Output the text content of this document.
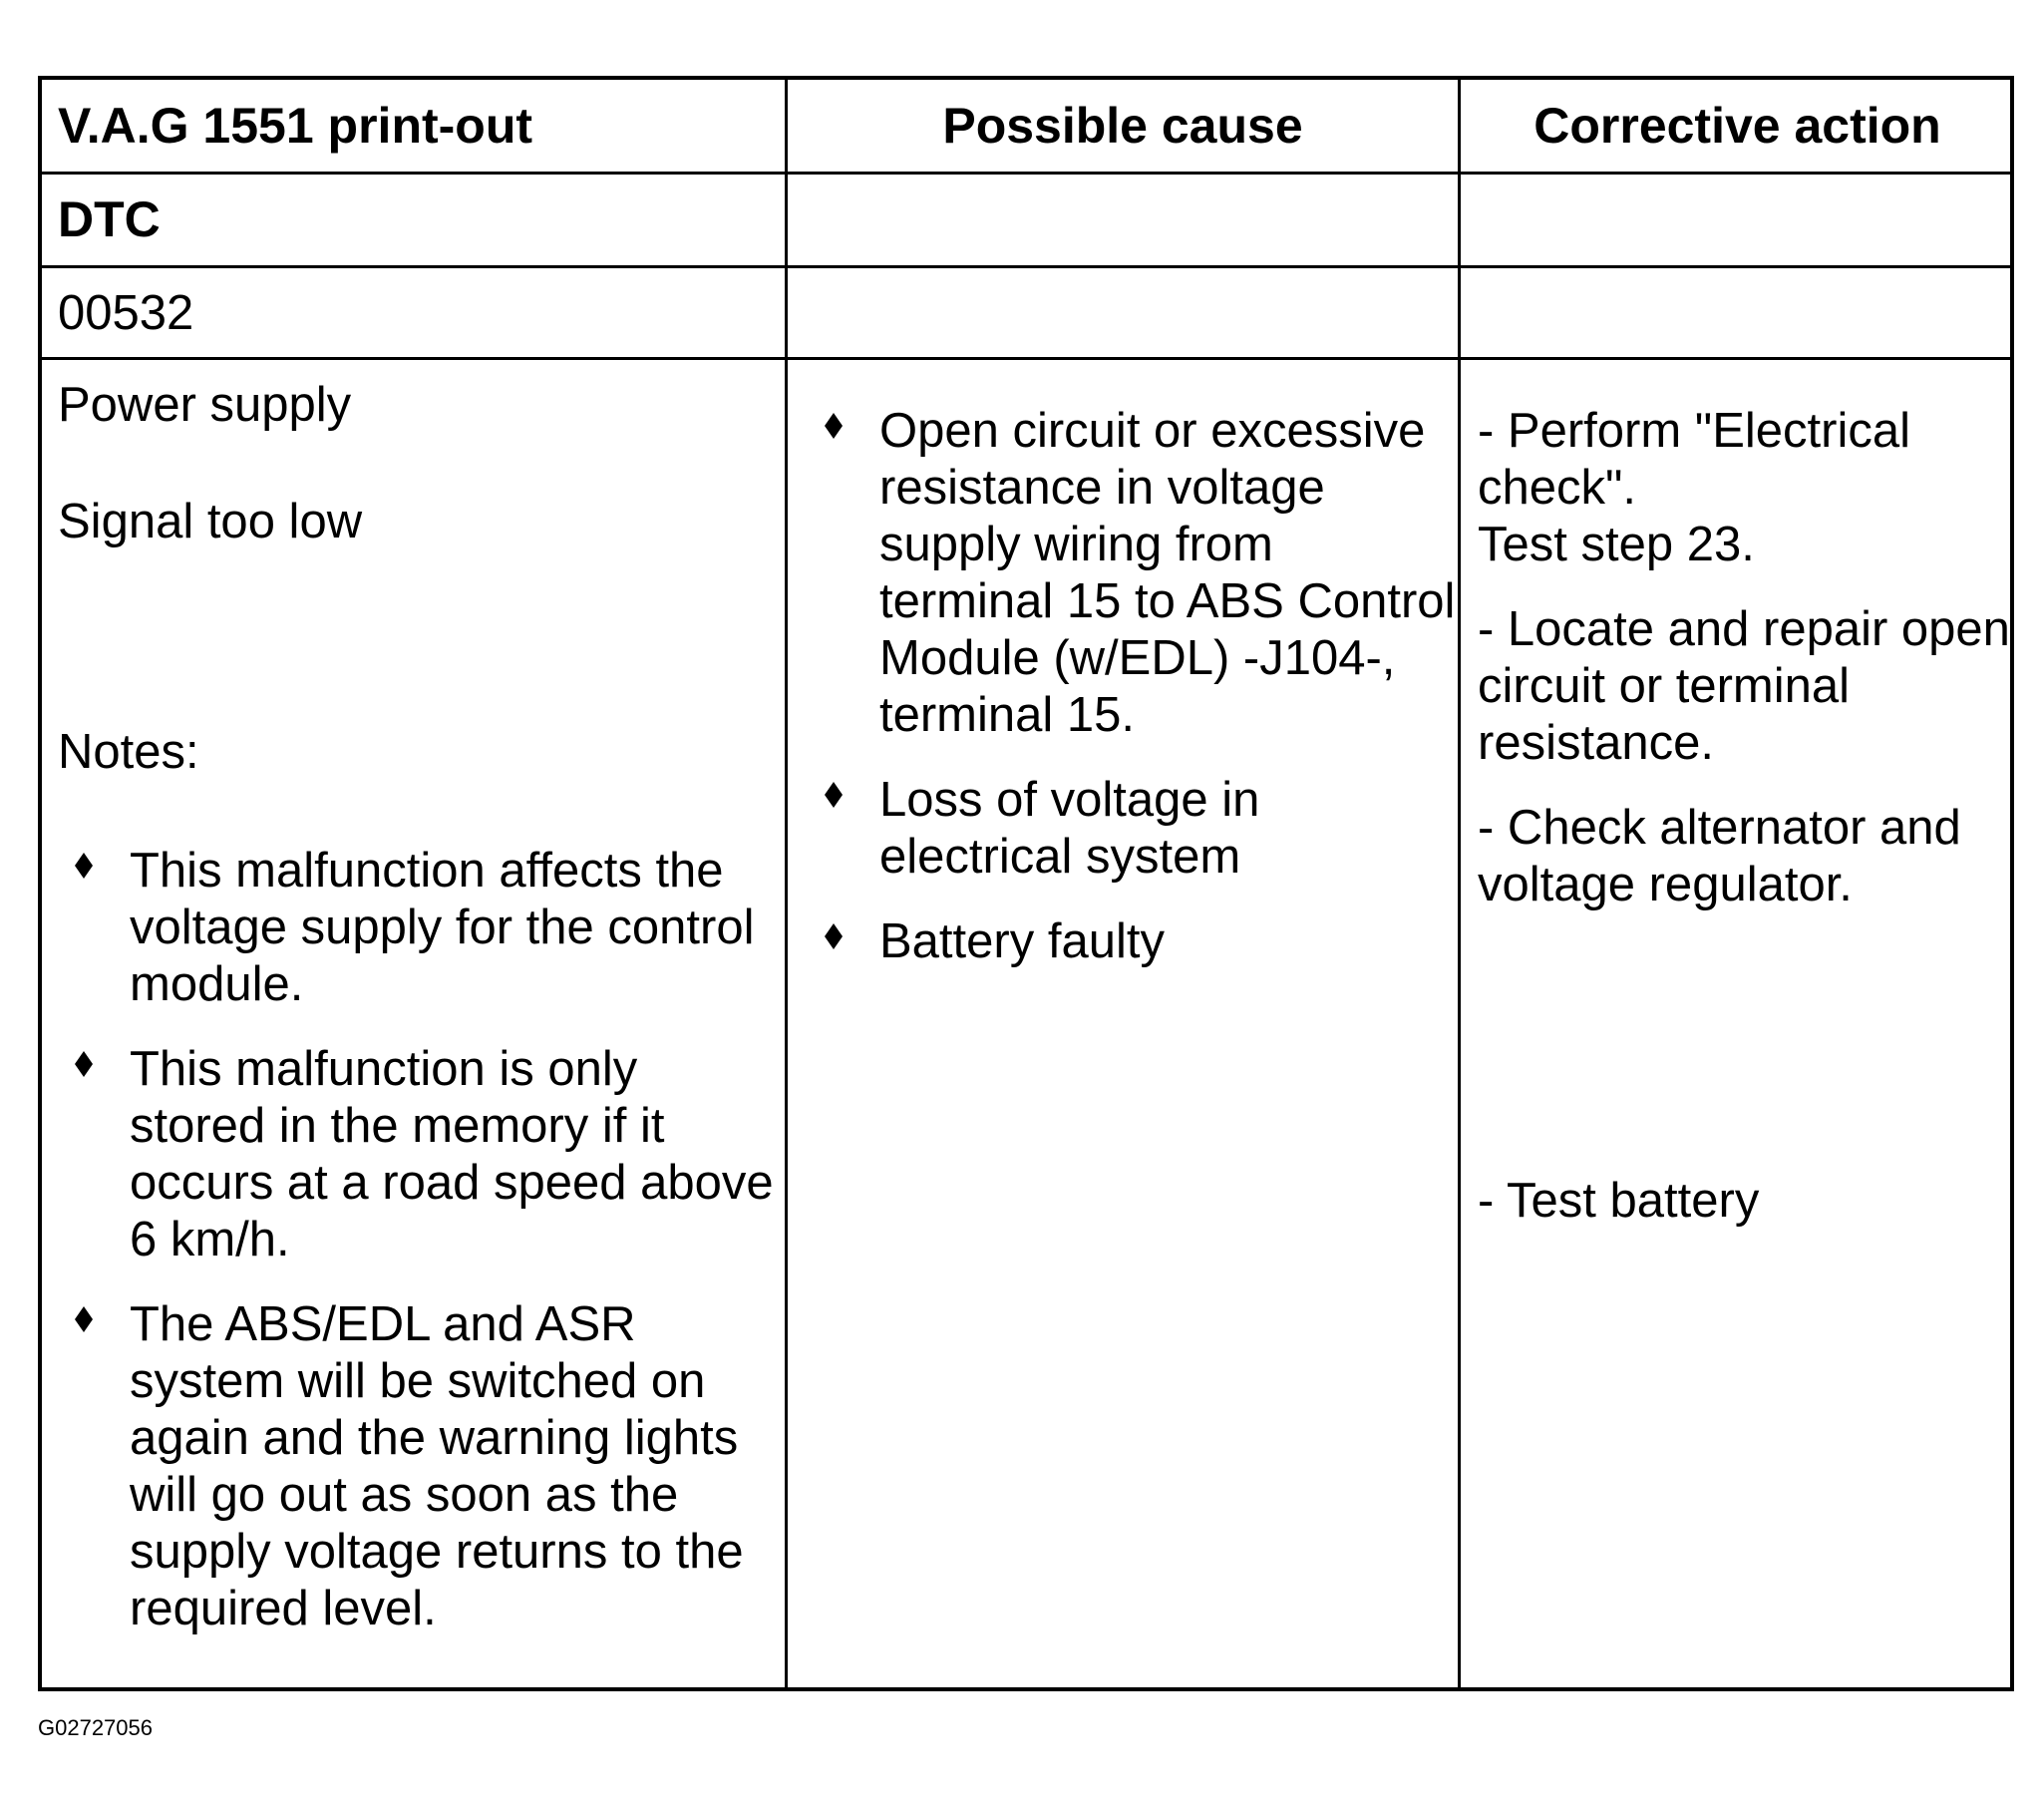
V.A.G 1551 print-out	Possible cause	Corrective action
DTC
00532

Power supply

Signal too low

Notes:

This malfunction affects the voltage supply for the control module.
This malfunction is only stored in the memory if it occurs at a road speed above 6 km/h.
The ABS/EDL and ASR system will be switched on again and the warning lights will go out as soon as the supply voltage returns to the required level.
Open circuit or excessive resistance in voltage supply wiring from terminal 15 to ABS Control Module (w/EDL) -J104-, terminal 15.
Loss of voltage in electrical system
Battery faulty

- Perform "Electrical check".

Test step 23.

- Locate and repair open circuit or terminal resistance.

- Check alternator and voltage regulator.

- Test battery

G02727056
